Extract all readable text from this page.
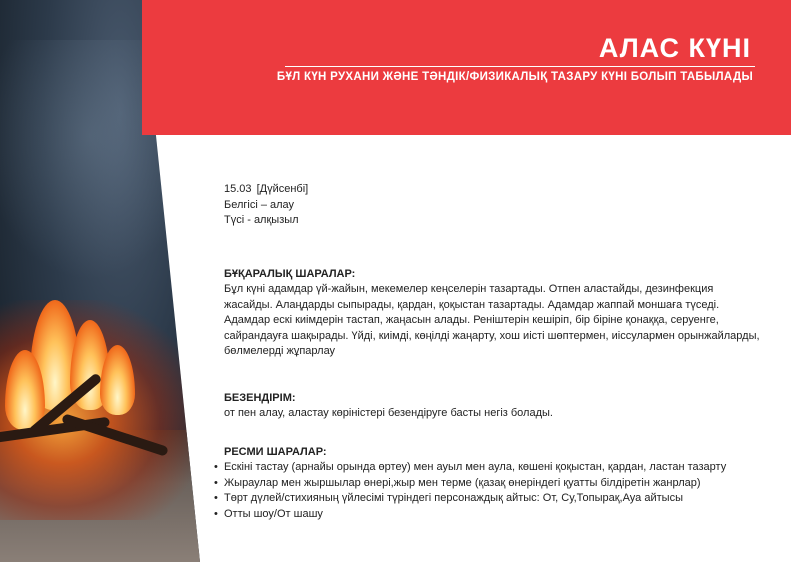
АЛАС КҮНІ

БҰЛ КҮН РУХАНИ ЖӘНЕ ТӘНДІК/ФИЗИКАЛЫҚ ТАЗАРУ КҮНІ БОЛЫП ТАБЫЛАДЫ

15.03 [Дүйсенбі]

Белгісі – алау

Түсі - алқызыл

БҰҚАРАЛЫҚ ШАРАЛАР:

Бұл күні адамдар үй-жайын, мекемелер кеңселерін тазартады. Отпен аластайды, дезинфекция жасайды. Алаңдарды сыпырады, қардан, қоқыстан тазартады. Адамдар жаппай моншаға түседі. Адамдар ескі киімдерін тастап, жаңасын алады. Реніштерін кешіріп, бір біріне қонаққа, серуенге, сайрандауға шақырады. Үйді, киімді, көңілді жаңарту, хош иісті шөптермен, иіссулармен орынжайларды, бөлмелерді жұпарлау

БЕЗЕНДІРІМ:

от пен алау, аластау көріністері безендіруге басты негіз болады.

РЕСМИ ШАРАЛАР:
• Ескіні тастау (арнайы орында өртеу) мен ауыл мен аула, көшені қоқыстан, қардан, ластан тазарту
• Жыраулар мен жыршылар өнері,жыр мен терме (қазақ өнеріндегі қуатты білдіретін жанрлар)
• Төрт дүлей/стихияның үйлесімі түріндегі персонаждық айтыс: От, Су,Топырақ,Ауа айтысы
• Отты шоу/От шашу
